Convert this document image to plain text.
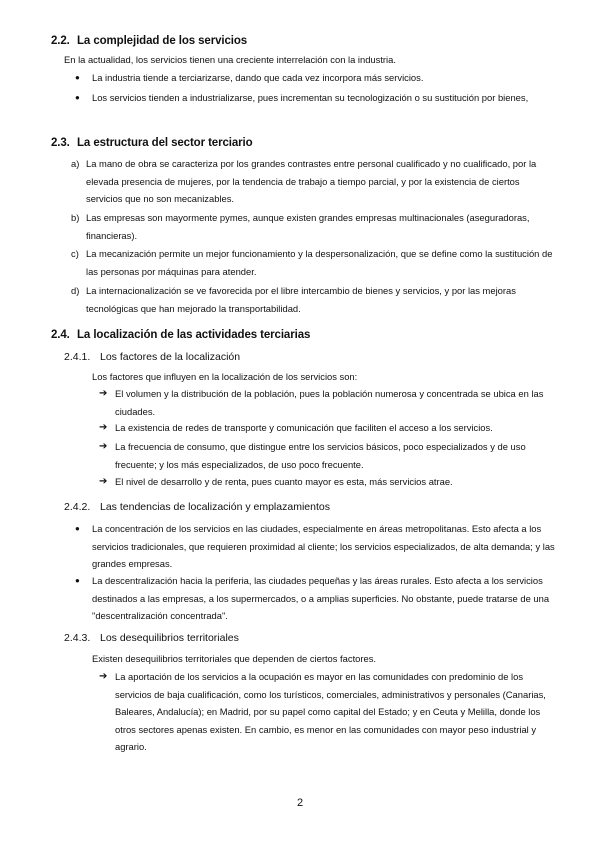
2.2. La complejidad de los servicios
En la actualidad, los servicios tienen una creciente interrelación con la industria.
● La industria tiende a terciarizarse, dando que cada vez incorpora más servicios.
● Los servicios tienden a industrializarse, pues incrementan su tecnologización o su sustitución por bienes,
2.3. La estructura del sector terciario
a) La mano de obra se caracteriza por los grandes contrastes entre personal cualificado y no cualificado, por la elevada presencia de mujeres, por la tendencia de trabajo a tiempo parcial, y por la existencia de ciertos servicios que no son mecanizables.
b) Las empresas son mayormente pymes, aunque existen grandes empresas multinacionales (aseguradoras, financieras).
c) La mecanización permite un mejor funcionamiento y la despersonalización, que se define como la sustitución de las personas por máquinas para atender.
d) La internacionalización se ve favorecida por el libre intercambio de bienes y servicios, y por las mejoras tecnológicas que han mejorado la transportabilidad.
2.4. La localización de las actividades terciarias
2.4.1. Los factores de la localización
Los factores que influyen en la localización de los servicios son:
➔ El volumen y la distribución de la población, pues la población numerosa y concentrada se ubica en las ciudades.
➔ La existencia de redes de transporte y comunicación que faciliten el acceso a los servicios.
➔ La frecuencia de consumo, que distingue entre los servicios básicos, poco especializados y de uso frecuente; y los más especializados, de uso poco frecuente.
➔ El nivel de desarrollo y de renta, pues cuanto mayor es esta, más servicios atrae.
2.4.2. Las tendencias de localización y emplazamientos
● La concentración de los servicios en las ciudades, especialmente en áreas metropolitanas. Esto afecta a los servicios tradicionales, que requieren proximidad al cliente; los servicios especializados, de alta demanda; y las grandes empresas.
● La descentralización hacia la periferia, las ciudades pequeñas y las áreas rurales. Esto afecta a los servicios destinados a las empresas, a los supermercados, o a amplias superficies. No obstante, puede tratarse de una "descentralización concentrada".
2.4.3. Los desequilibrios territoriales
Existen desequilibrios territoriales que dependen de ciertos factores.
➔ La aportación de los servicios a la ocupación es mayor en las comunidades con predominio de los servicios de baja cualificación, como los turísticos, comerciales, administrativos y personales (Canarias, Baleares, Andalucía); en Madrid, por su papel como capital del Estado; y en Ceuta y Melilla, donde los otros sectores apenas existen. En cambio, es menor en las comunidades con mayor peso industrial y agrario.
2
